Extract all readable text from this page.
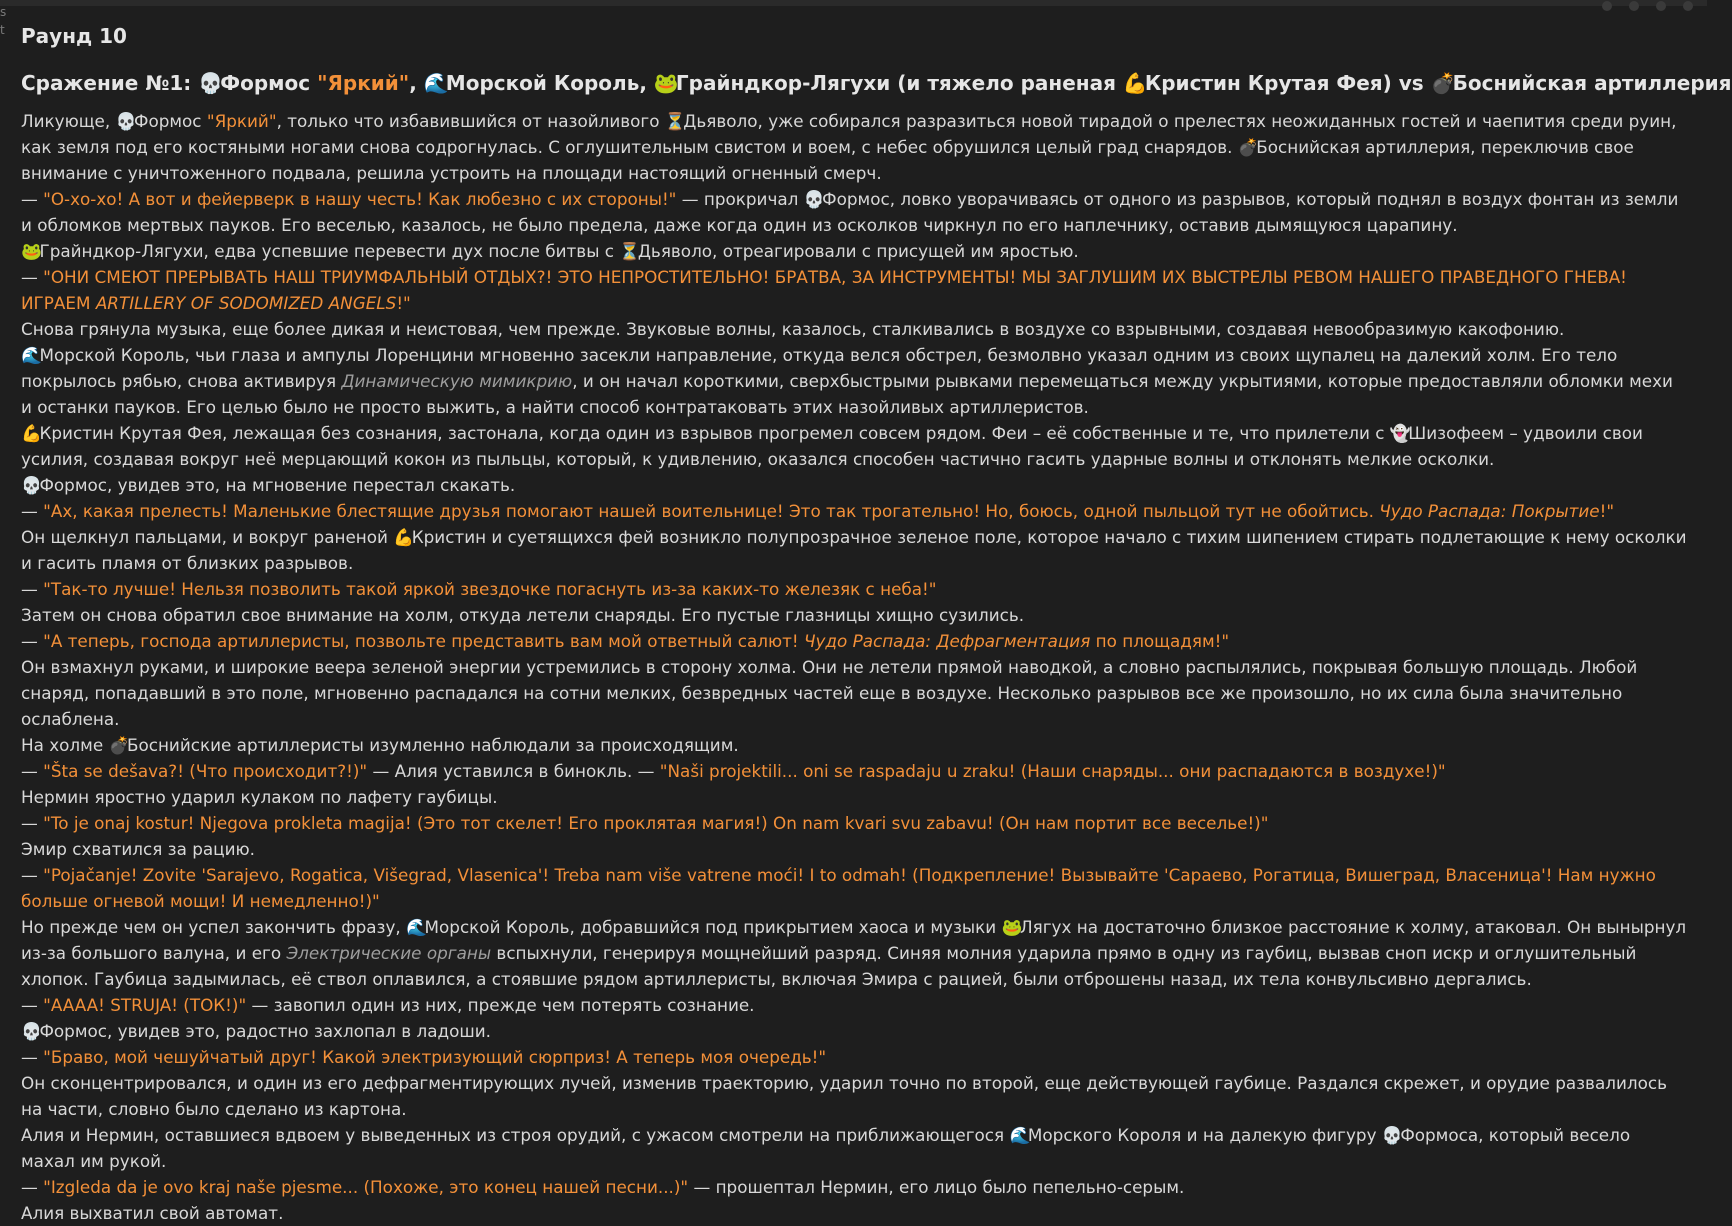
s
t Раунд 10
Сражение №1: 💀Формос "Яркий", 🌊Морской Король, 🐸Грайндкор-Лягухи (и тяжело раненая 💪Кристин Крутая Фея) vs 💣Боснийская артиллерия
Ликующе, 💀Формос "Яркий", только что избавившийся от назойливого ⏳Дьяволо, уже собирался разразиться новой тирадой о прелестях неожиданных гостей и чаепития среди руин, как земля под его костяными ногами снова содрогнулась. С оглушительным свистом и воем, с небес обрушился целый град снарядов. 💣Боснийская артиллерия, переключив свое внимание с уничтоженного подвала, решила устроить на площади настоящий огненный смерч.
— "О-хо-хо! А вот и фейерверк в нашу честь! Как любезно с их стороны!" — прокричал 💀Формос, ловко уворачиваясь от одного из разрывов, который поднял в воздух фонтан из земли и обломков мертвых пауков. Его веселью, казалось, не было предела, даже когда один из осколков чиркнул по его наплечнику, оставив дымящуюся царапину.
🐸Грайндкор-Лягухи, едва успевшие перевести дух после битвы с ⏳Дьяволо, отреагировали с присущей им яростью.
— "ОНИ СМЕЮТ ПРЕРЫВАТЬ НАШ ТРИУМФАЛЬНЫЙ ОТДЫХ?! ЭТО НЕПРОСТИТЕЛЬНО! БРАТВА, ЗА ИНСТРУМЕНТЫ! МЫ ЗАГЛУШИМ ИХ ВЫСТРЕЛЫ РЕВОМ НАШЕГО ПРАВЕДНОГО ГНЕВА! ИГРАЕМ ARTILLERY OF SODOMIZED ANGELS!"
Снова грянула музыка, еще более дикая и неистовая, чем прежде. Звуковые волны, казалось, сталкивались в воздухе со взрывными, создавая невообразимую какофонию.
🌊Морской Король, чьи глаза и ампулы Лоренцини мгновенно засекли направление, откуда велся обстрел, безмолвно указал одним из своих щупалец на далекий холм. Его тело покрылось рябью, снова активируя Динамическую мимикрию, и он начал короткими, сверхбыстрыми рывками перемещаться между укрытиями, которые предоставляли обломки мехи и останки пауков. Его целью было не просто выжить, а найти способ контратаковать этих назойливых артиллеристов.
💪Кристин Крутая Фея, лежащая без сознания, застонала, когда один из взрывов прогремел совсем рядом. Феи – её собственные и те, что прилетели с 👻Шизофеем – удвоили свои усилия, создавая вокруг неё мерцающий кокон из пыльцы, который, к удивлению, оказался способен частично гасить ударные волны и отклонять мелкие осколки.
💀Формос, увидев это, на мгновение перестал скакать.
— "Ах, какая прелесть! Маленькие блестящие друзья помогают нашей воительнице! Это так трогательно! Но, боюсь, одной пыльцой тут не обойтись. Чудо Распада: Покрытие!"
Он щелкнул пальцами, и вокруг раненой 💪Кристин и суетящихся фей возникло полупрозрачное зеленое поле, которое начало с тихим шипением стирать подлетающие к нему осколки и гасить пламя от близких разрывов.
— "Так-то лучше! Нельзя позволить такой яркой звездочке погаснуть из-за каких-то железяк с неба!"
Затем он снова обратил свое внимание на холм, откуда летели снаряды. Его пустые глазницы хищно сузились.
— "А теперь, господа артиллеристы, позвольте представить вам мой ответный салют! Чудо Распада: Дефрагментация по площадям!"
Он взмахнул руками, и широкие веера зеленой энергии устремились в сторону холма. Они не летели прямой наводкой, а словно распылялись, покрывая большую площадь. Любой снаряд, попадавший в это поле, мгновенно распадался на сотни мелких, безвредных частей еще в воздухе. Несколько разрывов все же произошло, но их сила была значительно ослаблена.
На холме 💣Боснийские артиллеристы изумленно наблюдали за происходящим.
— "Šta se dešava?! (Что происходит?!)" — Алия уставился в бинокль. — "Naši projektili... oni se raspadaju u zraku! (Наши снаряды... они распадаются в воздухе!)"
Нермин яростно ударил кулаком по лафету гаубицы.
— "To je onaj kostur! Njegova prokleta magija! (Это тот скелет! Его проклятая магия!) On nam kvari svu zabavu! (Он нам портит все веселье!)"
Эмир схватился за рацию.
— "Pojačanje! Zovite 'Sarajevo, Rogatica, Višegrad, Vlasenica'! Treba nam više vatrene moći! I to odmah! (Подкрепление! Вызывайте 'Сараево, Рогатица, Вишеград, Власеница'! Нам нужно больше огневой мощи! И немедленно!)"
Но прежде чем он успел закончить фразу, 🌊Морской Король, добравшийся под прикрытием хаоса и музыки 🐸Лягух на достаточно близкое расстояние к холму, атаковал. Он вынырнул из-за большого валуна, и его Электрические органы вспыхнули, генерируя мощнейший разряд. Синяя молния ударила прямо в одну из гаубиц, вызвав сноп искр и оглушительный хлопок. Гаубица задымилась, её ствол оплавился, а стоявшие рядом артиллеристы, включая Эмира с рацией, были отброшены назад, их тела конвульсивно дергались.
— "AAAA! STRUJA! (ТОК!)" — завопил один из них, прежде чем потерять сознание.
💀Формос, увидев это, радостно захлопал в ладоши.
— "Браво, мой чешуйчатый друг! Какой электризующий сюрприз! А теперь моя очередь!"
Он сконцентрировался, и один из его дефрагментирующих лучей, изменив траекторию, ударил точно по второй, еще действующей гаубице. Раздался скрежет, и орудие развалилось на части, словно было сделано из картона.
Алия и Нермин, оставшиеся вдвоем у выведенных из строя орудий, с ужасом смотрели на приближающегося 🌊Морского Короля и на далекую фигуру 💀Формоса, который весело махал им рукой.
— "Izgleda da je ovo kraj naše pjesme... (Похоже, это конец нашей песни...)" — прошептал Нермин, его лицо было пепельно-серым.
Алия выхватил свой автомат.
